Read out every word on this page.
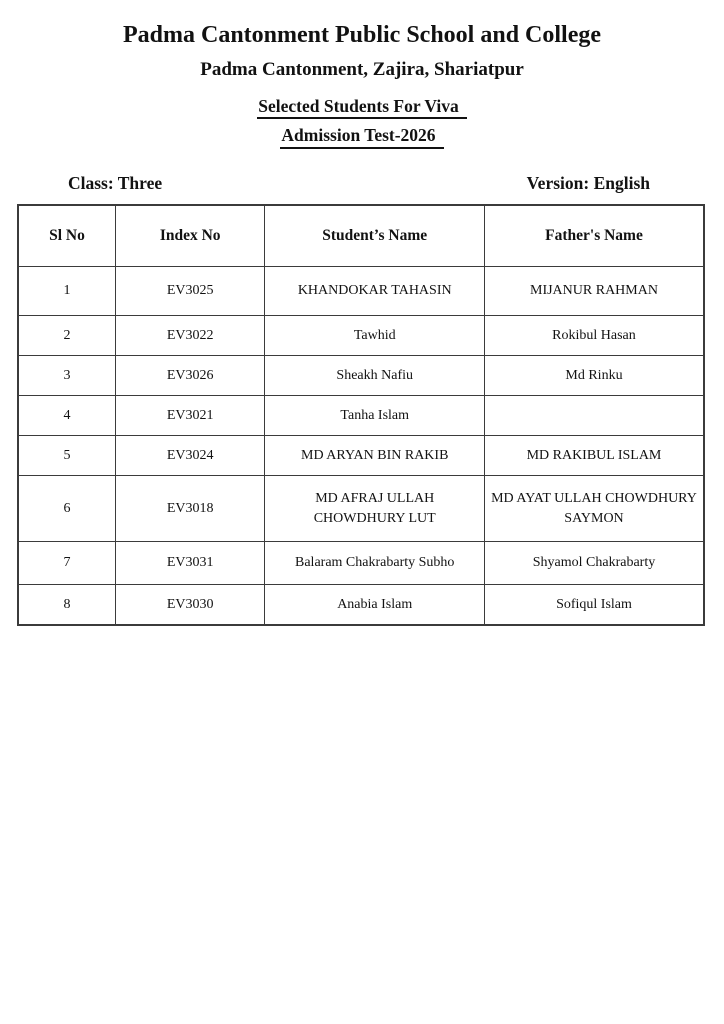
Padma Cantonment Public School and College
Padma Cantonment, Zajira, Shariatpur
Selected Students For Viva
Admission Test-2026
Class: Three	Version: English
Sl No	Index No	Student’s Name	Father's Name
1	EV3025	KHANDOKAR TAHASIN	MIJANUR RAHMAN
2	EV3022	Tawhid	Rokibul Hasan
3	EV3026	Sheakh Nafiu	Md Rinku
4	EV3021	Tanha Islam	
5	EV3024	MD ARYAN BIN RAKIB	MD RAKIBUL ISLAM
6	EV3018	MD AFRAJ ULLAH CHOWDHURY LUT	MD AYAT ULLAH CHOWDHURY SAYMON
7	EV3031	Balaram Chakrabarty Subho	Shyamol Chakrabarty
8	EV3030	Anabia Islam	Sofiqul Islam
